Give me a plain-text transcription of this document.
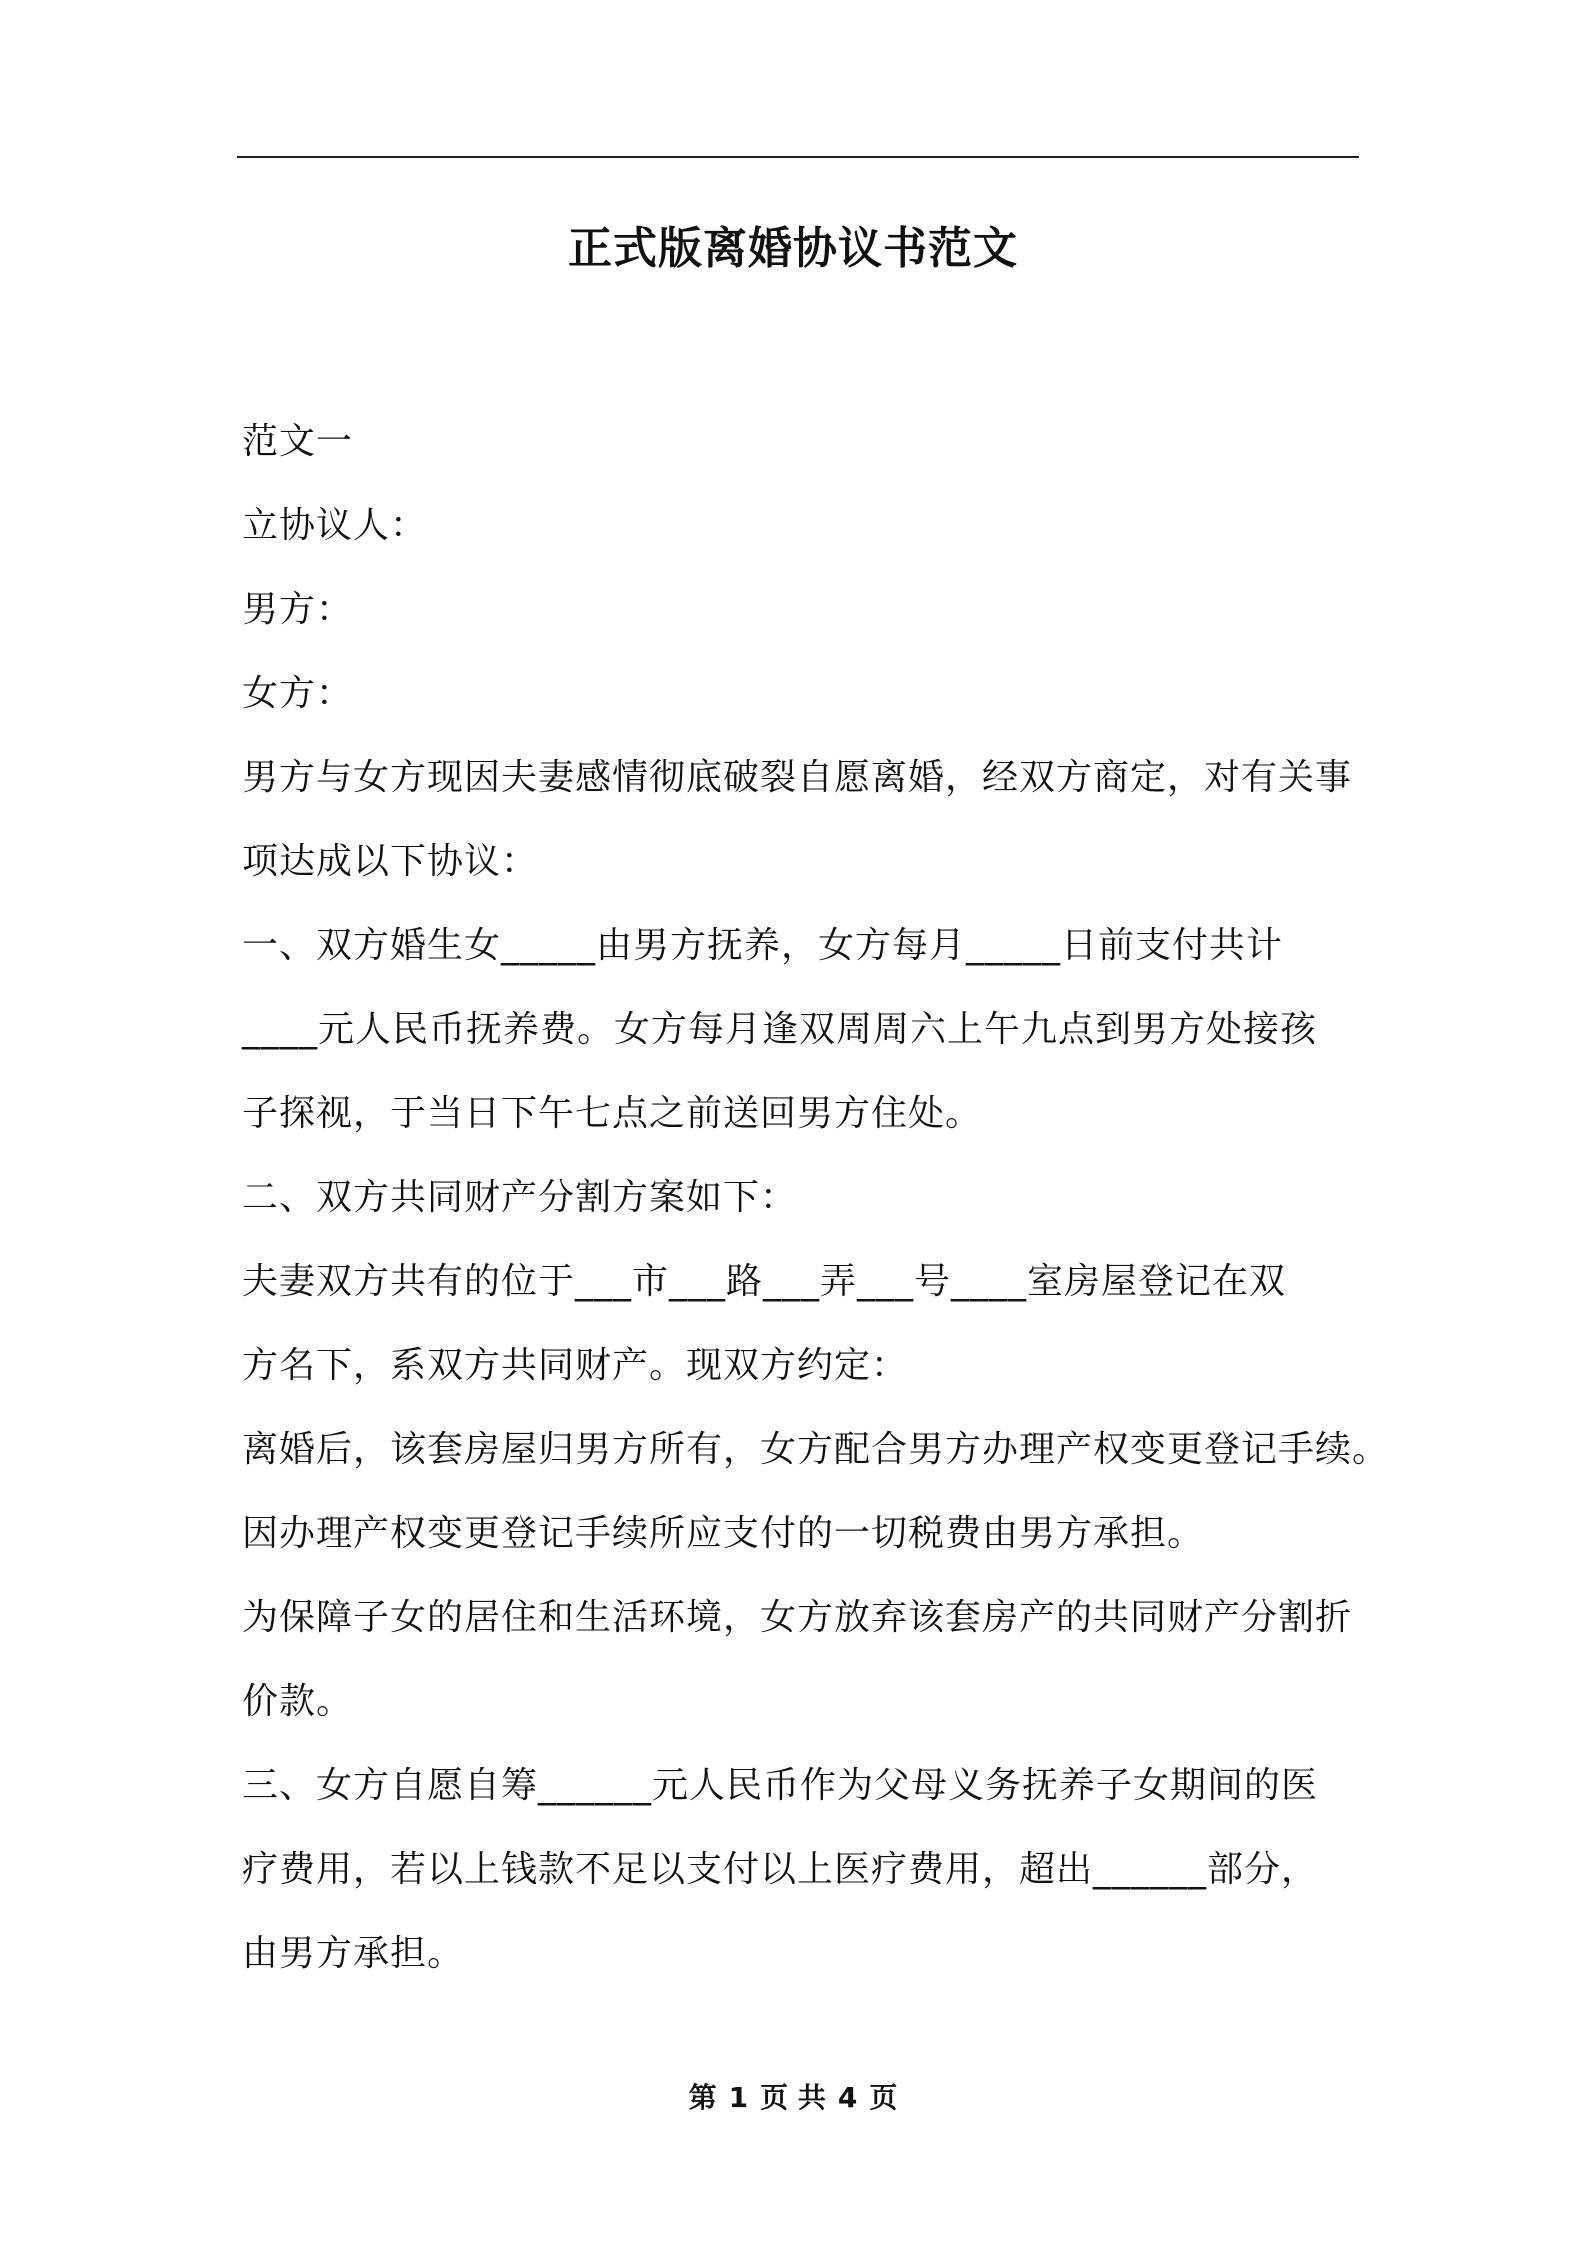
正式版离婚协议书范文
范文一
立协议人：
男方：
女方：
男方与女方现因夫妻感情彻底破裂自愿离婚，经双方商定，对有关事
项达成以下协议：
一、双方婚生女_____由男方抚养，女方每月_____日前支付共计
____元人民币抚养费。女方每月逢双周周六上午九点到男方处接孩
子探视，于当日下午七点之前送回男方住处。
二、双方共同财产分割方案如下：
夫妻双方共有的位于___市___路___弄___号____室房屋登记在双
方名下，系双方共同财产。现双方约定：
离婚后，该套房屋归男方所有，女方配合男方办理产权变更登记手续。
因办理产权变更登记手续所应支付的一切税费由男方承担。
为保障子女的居住和生活环境，女方放弃该套房产的共同财产分割折
价款。
三、女方自愿自筹______元人民币作为父母义务抚养子女期间的医
疗费用，若以上钱款不足以支付以上医疗费用，超出______部分，
由男方承担。
第 1 页 共 4 页
